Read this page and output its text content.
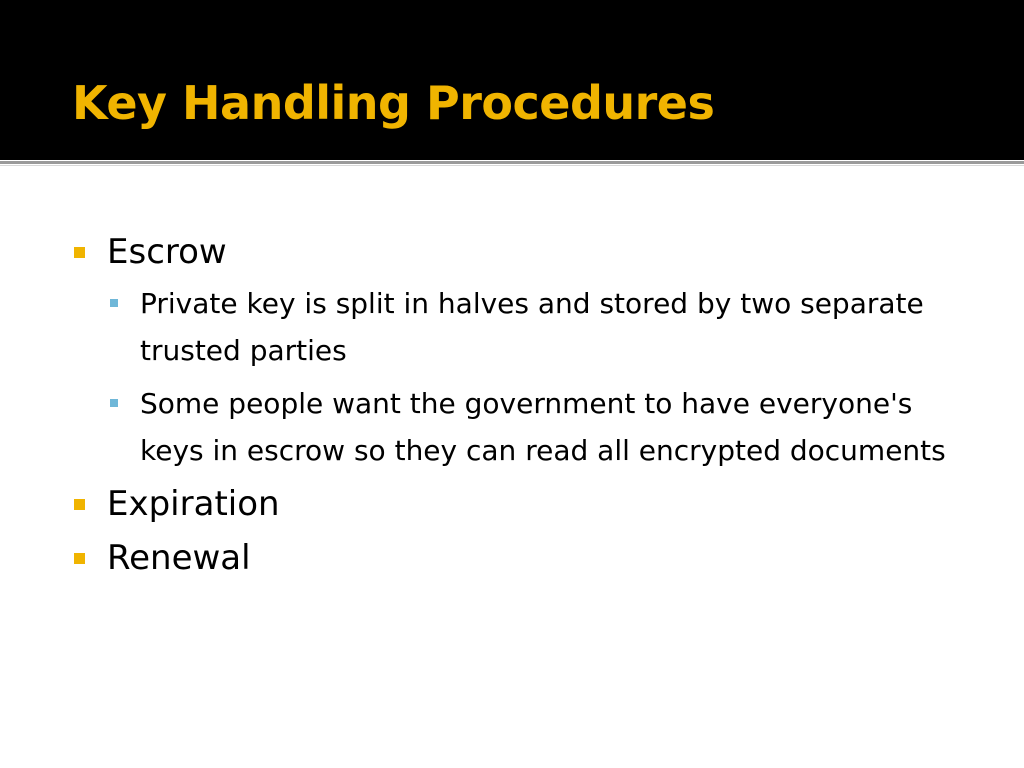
Key Handling Procedures
Escrow
Private key is split in halves and stored by two separate trusted parties
Some people want the government to have everyone's keys in escrow so they can read all encrypted documents
Expiration
Renewal
